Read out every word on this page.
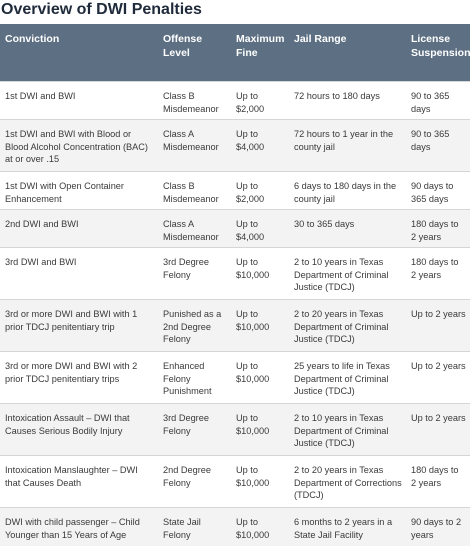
Overview of DWI Penalties
Conviction	Offense Level	Maximum Fine	Jail Range	License Suspension
1st DWI and BWI	Class B Misdemeanor	Up to $2,000	72 hours to 180 days	90 to 365 days
1st DWI and BWI with Blood or Blood Alcohol Concentration (BAC) at or over .15	Class A Misdemeanor	Up to $4,000	72 hours to 1 year in the county jail	90 to 365 days
1st DWI with Open Container Enhancement	Class B Misdemeanor	Up to $2,000	6 days to 180 days in the county jail	90 days to 365 days
2nd DWI and BWI	Class A Misdemeanor	Up to $4,000	30 to 365 days	180 days to 2 years
3rd DWI and BWI	3rd Degree Felony	Up to $10,000	2 to 10 years in Texas Department of Criminal Justice (TDCJ)	180 days to 2 years
3rd or more DWI and BWI with 1 prior TDCJ penitentiary trip	Punished as a 2nd Degree Felony	Up to $10,000	2 to 20 years in Texas Department of Criminal Justice (TDCJ)	Up to 2 years
3rd or more DWI and BWI with 2 prior TDCJ penitentiary trips	Enhanced Felony Punishment	Up to $10,000	25 years to life in Texas Department of Criminal Justice (TDCJ)	Up to 2 years
Intoxication Assault – DWI that Causes Serious Bodily Injury	3rd Degree Felony	Up to $10,000	2 to 10 years in Texas Department of Criminal Justice (TDCJ)	Up to 2 years
Intoxication Manslaughter – DWI that Causes Death	2nd Degree Felony	Up to $10,000	2 to 20 years in Texas Department of Corrections (TDCJ)	180 days to 2 years
DWI with child passenger – Child Younger than 15 Years of Age	State Jail Felony	Up to $10,000	6 months to 2 years in a State Jail Facility	90 days to 2 years
